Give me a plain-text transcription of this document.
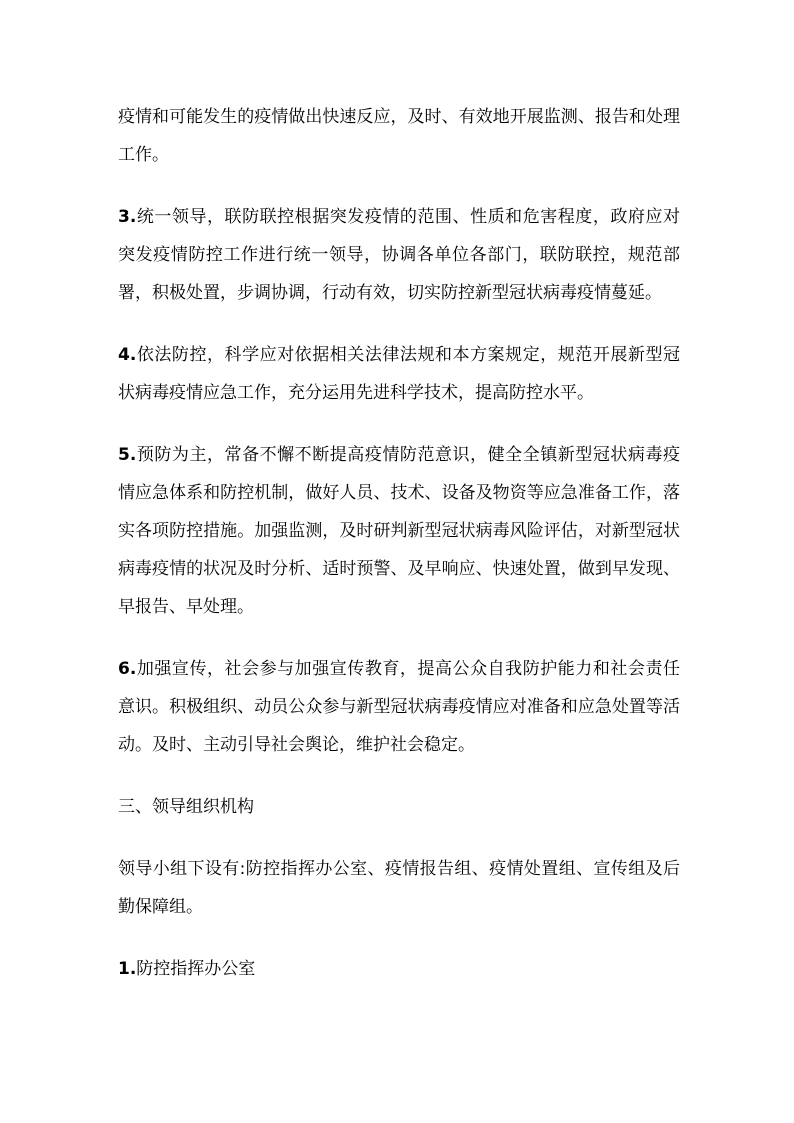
疫情和可能发生的疫情做出快速反应，及时、有效地开展监测、报告和处理工作。

3.统一领导，联防联控根据突发疫情的范围、性质和危害程度，政府应对突发疫情防控工作进行统一领导，协调各单位各部门，联防联控，规范部署，积极处置，步调协调，行动有效，切实防控新型冠状病毒疫情蔓延。

4.依法防控，科学应对依据相关法律法规和本方案规定，规范开展新型冠状病毒疫情应急工作，充分运用先进科学技术，提高防控水平。

5.预防为主，常备不懈不断提高疫情防范意识，健全全镇新型冠状病毒疫情应急体系和防控机制，做好人员、技术、设备及物资等应急准备工作，落实各项防控措施。加强监测，及时研判新型冠状病毒风险评估，对新型冠状病毒疫情的状况及时分析、适时预警、及早响应、快速处置，做到早发现、早报告、早处理。

6.加强宣传，社会参与加强宣传教育，提高公众自我防护能力和社会责任意识。积极组织、动员公众参与新型冠状病毒疫情应对准备和应急处置等活动。及时、主动引导社会舆论，维护社会稳定。

三、领导组织机构

领导小组下设有:防控指挥办公室、疫情报告组、疫情处置组、宣传组及后勤保障组。

1.防控指挥办公室
